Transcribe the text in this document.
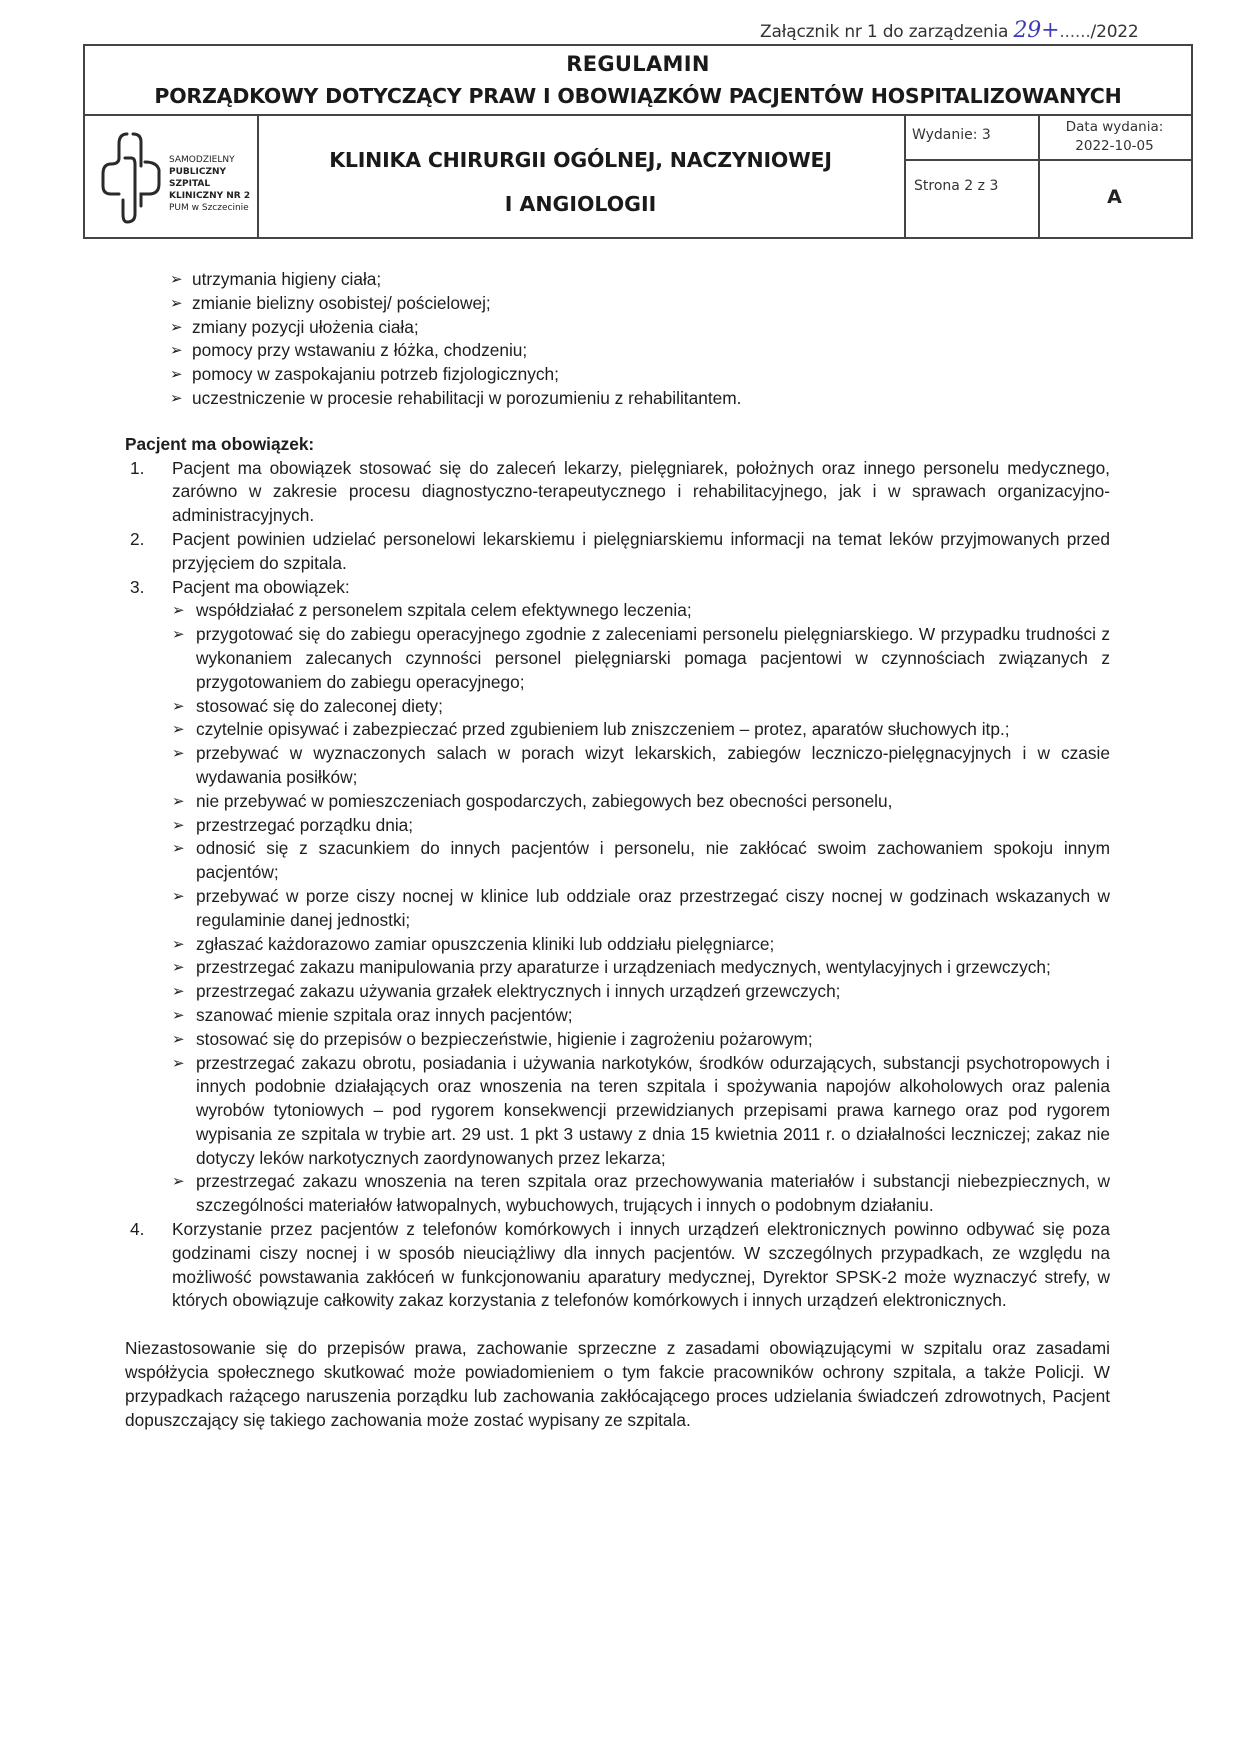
Załącznik nr 1 do zarządzenia 29+....../2022
REGULAMIN
PORZĄDKOWY DOTYCZĄCY PRAW I OBOWIĄZKÓW PACJENTÓW HOSPITALIZOWANYCH
SAMODZIELNY
PUBLICZNY SZPITAL
KLINICZNY NR 2
PUM w Szczecinie
KLINIKA CHIRURGII OGÓLNEJ, NACZYNIOWEJ
I ANGIOLOGII
Wydanie: 3
Strona 2 z 3
Data wydania:
2022-10-05
A
➢ utrzymania higieny ciała;
➢ zmianie bielizny osobistej/ pościelowej;
➢ zmiany pozycji ułożenia ciała;
➢ pomocy przy wstawaniu z łóżka, chodzeniu;
➢ pomocy w zaspokajaniu potrzeb fizjologicznych;
➢ uczestniczenie w procesie rehabilitacji w porozumieniu z rehabilitantem.
Pacjent ma obowiązek:
1. Pacjent ma obowiązek stosować się do zaleceń lekarzy, pielęgniarek, położnych oraz innego personelu medycznego, zarówno w zakresie procesu diagnostyczno-terapeutycznego i rehabilitacyjnego, jak i w sprawach organizacyjno-administracyjnych.
2. Pacjent powinien udzielać personelowi lekarskiemu i pielęgniarskiemu informacji na temat leków przyjmowanych przed przyjęciem do szpitala.
3. Pacjent ma obowiązek:
➢ współdziałać z personelem szpitala celem efektywnego leczenia;
➢ przygotować się do zabiegu operacyjnego zgodnie z zaleceniami personelu pielęgniarskiego. W przypadku trudności z wykonaniem zalecanych czynności personel pielęgniarski pomaga pacjentowi w czynnościach związanych z przygotowaniem do zabiegu operacyjnego;
➢ stosować się do zaleconej diety;
➢ czytelnie opisywać i zabezpieczać przed zgubieniem lub zniszczeniem – protez, aparatów słuchowych itp.;
➢ przebywać w wyznaczonych salach w porach wizyt lekarskich, zabiegów leczniczo-pielęgnacyjnych i w czasie wydawania posiłków;
➢ nie przebywać w pomieszczeniach gospodarczych, zabiegowych bez obecności personelu,
➢ przestrzegać porządku dnia;
➢ odnosić się z szacunkiem do innych pacjentów i personelu, nie zakłócać swoim zachowaniem spokoju innym pacjentów;
➢ przebywać w porze ciszy nocnej w klinice lub oddziale oraz przestrzegać ciszy nocnej w godzinach wskazanych w regulaminie danej jednostki;
➢ zgłaszać każdorazowo zamiar opuszczenia kliniki lub oddziału pielęgniarce;
➢ przestrzegać zakazu manipulowania przy aparaturze i urządzeniach medycznych, wentylacyjnych i grzewczych;
➢ przestrzegać zakazu używania grzałek elektrycznych i innych urządzeń grzewczych;
➢ szanować mienie szpitala oraz innych pacjentów;
➢ stosować się do przepisów o bezpieczeństwie, higienie i zagrożeniu pożarowym;
➢ przestrzegać zakazu obrotu, posiadania i używania narkotyków, środków odurzających, substancji psychotropowych i innych podobnie działających oraz wnoszenia na teren szpitala i spożywania napojów alkoholowych oraz palenia wyrobów tytoniowych – pod rygorem konsekwencji przewidzianych przepisami prawa karnego oraz pod rygorem wypisania ze szpitala w trybie art. 29 ust. 1 pkt 3 ustawy z dnia 15 kwietnia 2011 r. o działalności leczniczej; zakaz nie dotyczy leków narkotycznych zaordynowanych przez lekarza;
➢ przestrzegać zakazu wnoszenia na teren szpitala oraz przechowywania materiałów i substancji niebezpiecznych, w szczególności materiałów łatwopalnych, wybuchowych, trujących i innych o podobnym działaniu.
4. Korzystanie przez pacjentów z telefonów komórkowych i innych urządzeń elektronicznych powinno odbywać się poza godzinami ciszy nocnej i w sposób nieuciążliwy dla innych pacjentów. W szczególnych przypadkach, ze względu na możliwość powstawania zakłóceń w funkcjonowaniu aparatury medycznej, Dyrektor SPSK-2 może wyznaczyć strefy, w których obowiązuje całkowity zakaz korzystania z telefonów komórkowych i innych urządzeń elektronicznych.

Niezastosowanie się do przepisów prawa, zachowanie sprzeczne z zasadami obowiązującymi w szpitalu oraz zasadami współżycia społecznego skutkować może powiadomieniem o tym fakcie pracowników ochrony szpitala, a także Policji. W przypadkach rażącego naruszenia porządku lub zachowania zakłócającego proces udzielania świadczeń zdrowotnych, Pacjent dopuszczający się takiego zachowania może zostać wypisany ze szpitala.
